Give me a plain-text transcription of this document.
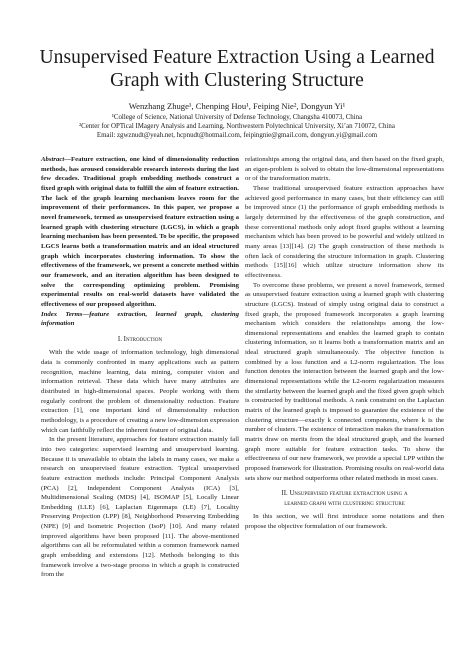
Unsupervised Feature Extraction Using a Learned
Graph with Clustering Structure
Wenzhang Zhuge¹, Chenping Hou¹, Feiping Nie², Dongyun Yi¹
¹College of Science, National University of Defense Technology, Changsha 410073, China
²Center for OPTical IMagery Analysis and Learning, Northwestern Polytechnical University, Xi’an 710072, China
Email: zgwznudt@yeah.net, hcpnudt@hotmail.com, feipingnie@gmail.com, dongyun.yi@gmail.com
Abstract—Feature extraction, one kind of dimensionality reduction methods, has aroused considerable research interests during the last few decades. Traditional graph embedding methods construct a fixed graph with original data to fulfill the aim of feature extraction. The lack of the graph learning mechanism leaves room for the improvement of their performances. In this paper, we propose a novel framework, termed as unsupervised feature extraction using a learned graph with clustering structure (LGCS), in which a graph learning mechanism has been presented. To be specific, the proposed LGCS learns both a transformation matrix and an ideal structured graph which incorporates clustering information. To show the effectiveness of the framework, we present a concrete method within our framework, and an iteration algorithm has been designed to solve the corresponding optimizing problem. Promising experimental results on real-world datasets have validated the effectiveness of our proposed algorithm.
Index Terms—feature extraction, learned graph, clustering information
I. Introduction

With the wide usage of information technology, high dimensional data is commonly confronted in many applications such as pattern recognition, machine learning, data mining, computer vision and information retrieval. These data which have many attributes are distributed in high-dimensional spaces. People working with them regularly confront the problem of dimensionality reduction. Feature extraction [1], one important kind of dimensionality reduction methodology, is a procedure of creating a new low-dimension expression which can faithfully reflect the inherent feature of original data.

In the present literature, approaches for feature extraction mainly fall into two categories: supervised learning and unsupervised learning. Because it is unavailable to obtain the labels in many cases, we make a research on unsupervised feature extraction. Typical unsupervised feature extraction methods include: Principal Component Analysis (PCA) [2], Independent Component Analysis (ICA) [3], Multidimensional Scaling (MDS) [4], ISOMAP [5], Locally Linear Embedding (LLE) [6], Laplacian Eigenmaps (LE) [7], Locality Preserving Projection (LPP) [8], Neighborhood Preserving Embedding (NPE) [9] and Isometric Projection (IsoP) [10]. And many related improved algorithms have been proposed [11]. The above-mentioned algorithms can all be reformulated within a common framework named graph embedding and extensions [12]. Methods belonging to this framework involve a two-stage process in which a graph is constructed from the

relationships among the original data, and then based on the fixed graph, an eigen-problem is solved to obtain the low-dimensional representations or of the transformation matrix.

These traditional unsupervised feature extraction approaches have achieved good performance in many cases, but their efficiency can still be improved since (1) the performance of graph embedding methods is largely determined by the effectiveness of the graph construction, and these conventional methods only adopt fixed graphs without a learning mechanism which has been proved to be powerful and widely utilized in many areas [13][14]. (2) The graph construction of these methods is often lack of considering the structure information in graph. Clustering methods [15][16] which utilize structure information show its effectiveness.

To overcome these problems, we present a novel framework, termed as unsupervised feature extraction using a learned graph with clustering structure (LGCS). Instead of simply using original data to construct a fixed graph, the proposed framework incorporates a graph learning mechanism which considers the relationships among the low-dimensional representations and enables the learned graph to contain clustering information, so it learns both a transformation matrix and an ideal structured graph simultaneously. The objective function is combined by a loss function and a L2-norm regularization. The loss function denotes the interaction between the learned graph and the low-dimensional representations while the L2-norm regularization measures the similarity between the learned graph and the fixed given graph which is constructed by traditional methods. A rank constraint on the Laplacian matrix of the learned graph is imposed to guarantee the existence of the clustering structure—exactly k connected components, where k is the number of clusters. The existence of interaction makes the transformation matrix draw on merits from the ideal structured graph, and the learned graph more suitable for feature extraction tasks. To show the effectiveness of our new framework, we provide a special LPP within the proposed framework for illustration. Promising results on real-world data sets show our method outperforms other related methods in most cases.

II. Unsupervised feature extraction using a
learned graph with clustering structure

In this section, we will first introduce some notations and then propose the objective formulation of our framework.
